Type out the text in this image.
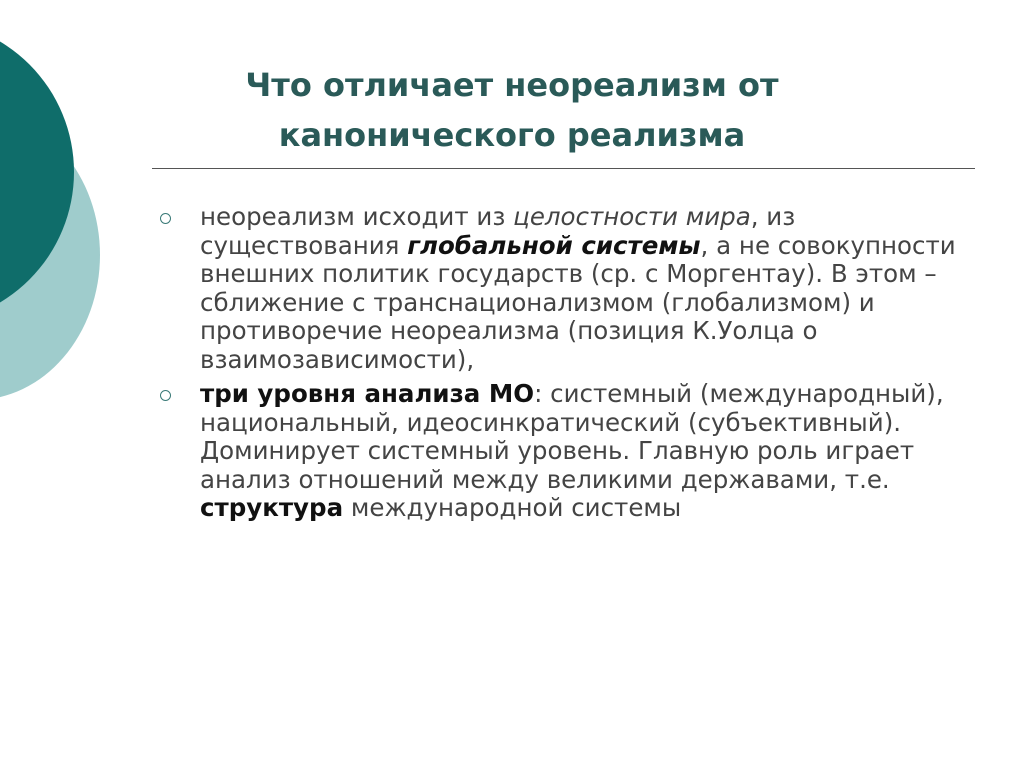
Что отличает неореализм от
канонического реализма
неореализм исходит из целостности мира, из существования глобальной системы, а не совокупности внешних политик государств (ср. с Моргентау). В этом – сближение с транснационализмом (глобализмом) и противоречие неореализма (позиция К.Уолца о взаимозависимости),
три уровня анализа МО: системный (международный), национальный, идеосинкратический (субъективный). Доминирует системный уровень. Главную роль играет анализ отношений между великими державами, т.е. структура международной системы
